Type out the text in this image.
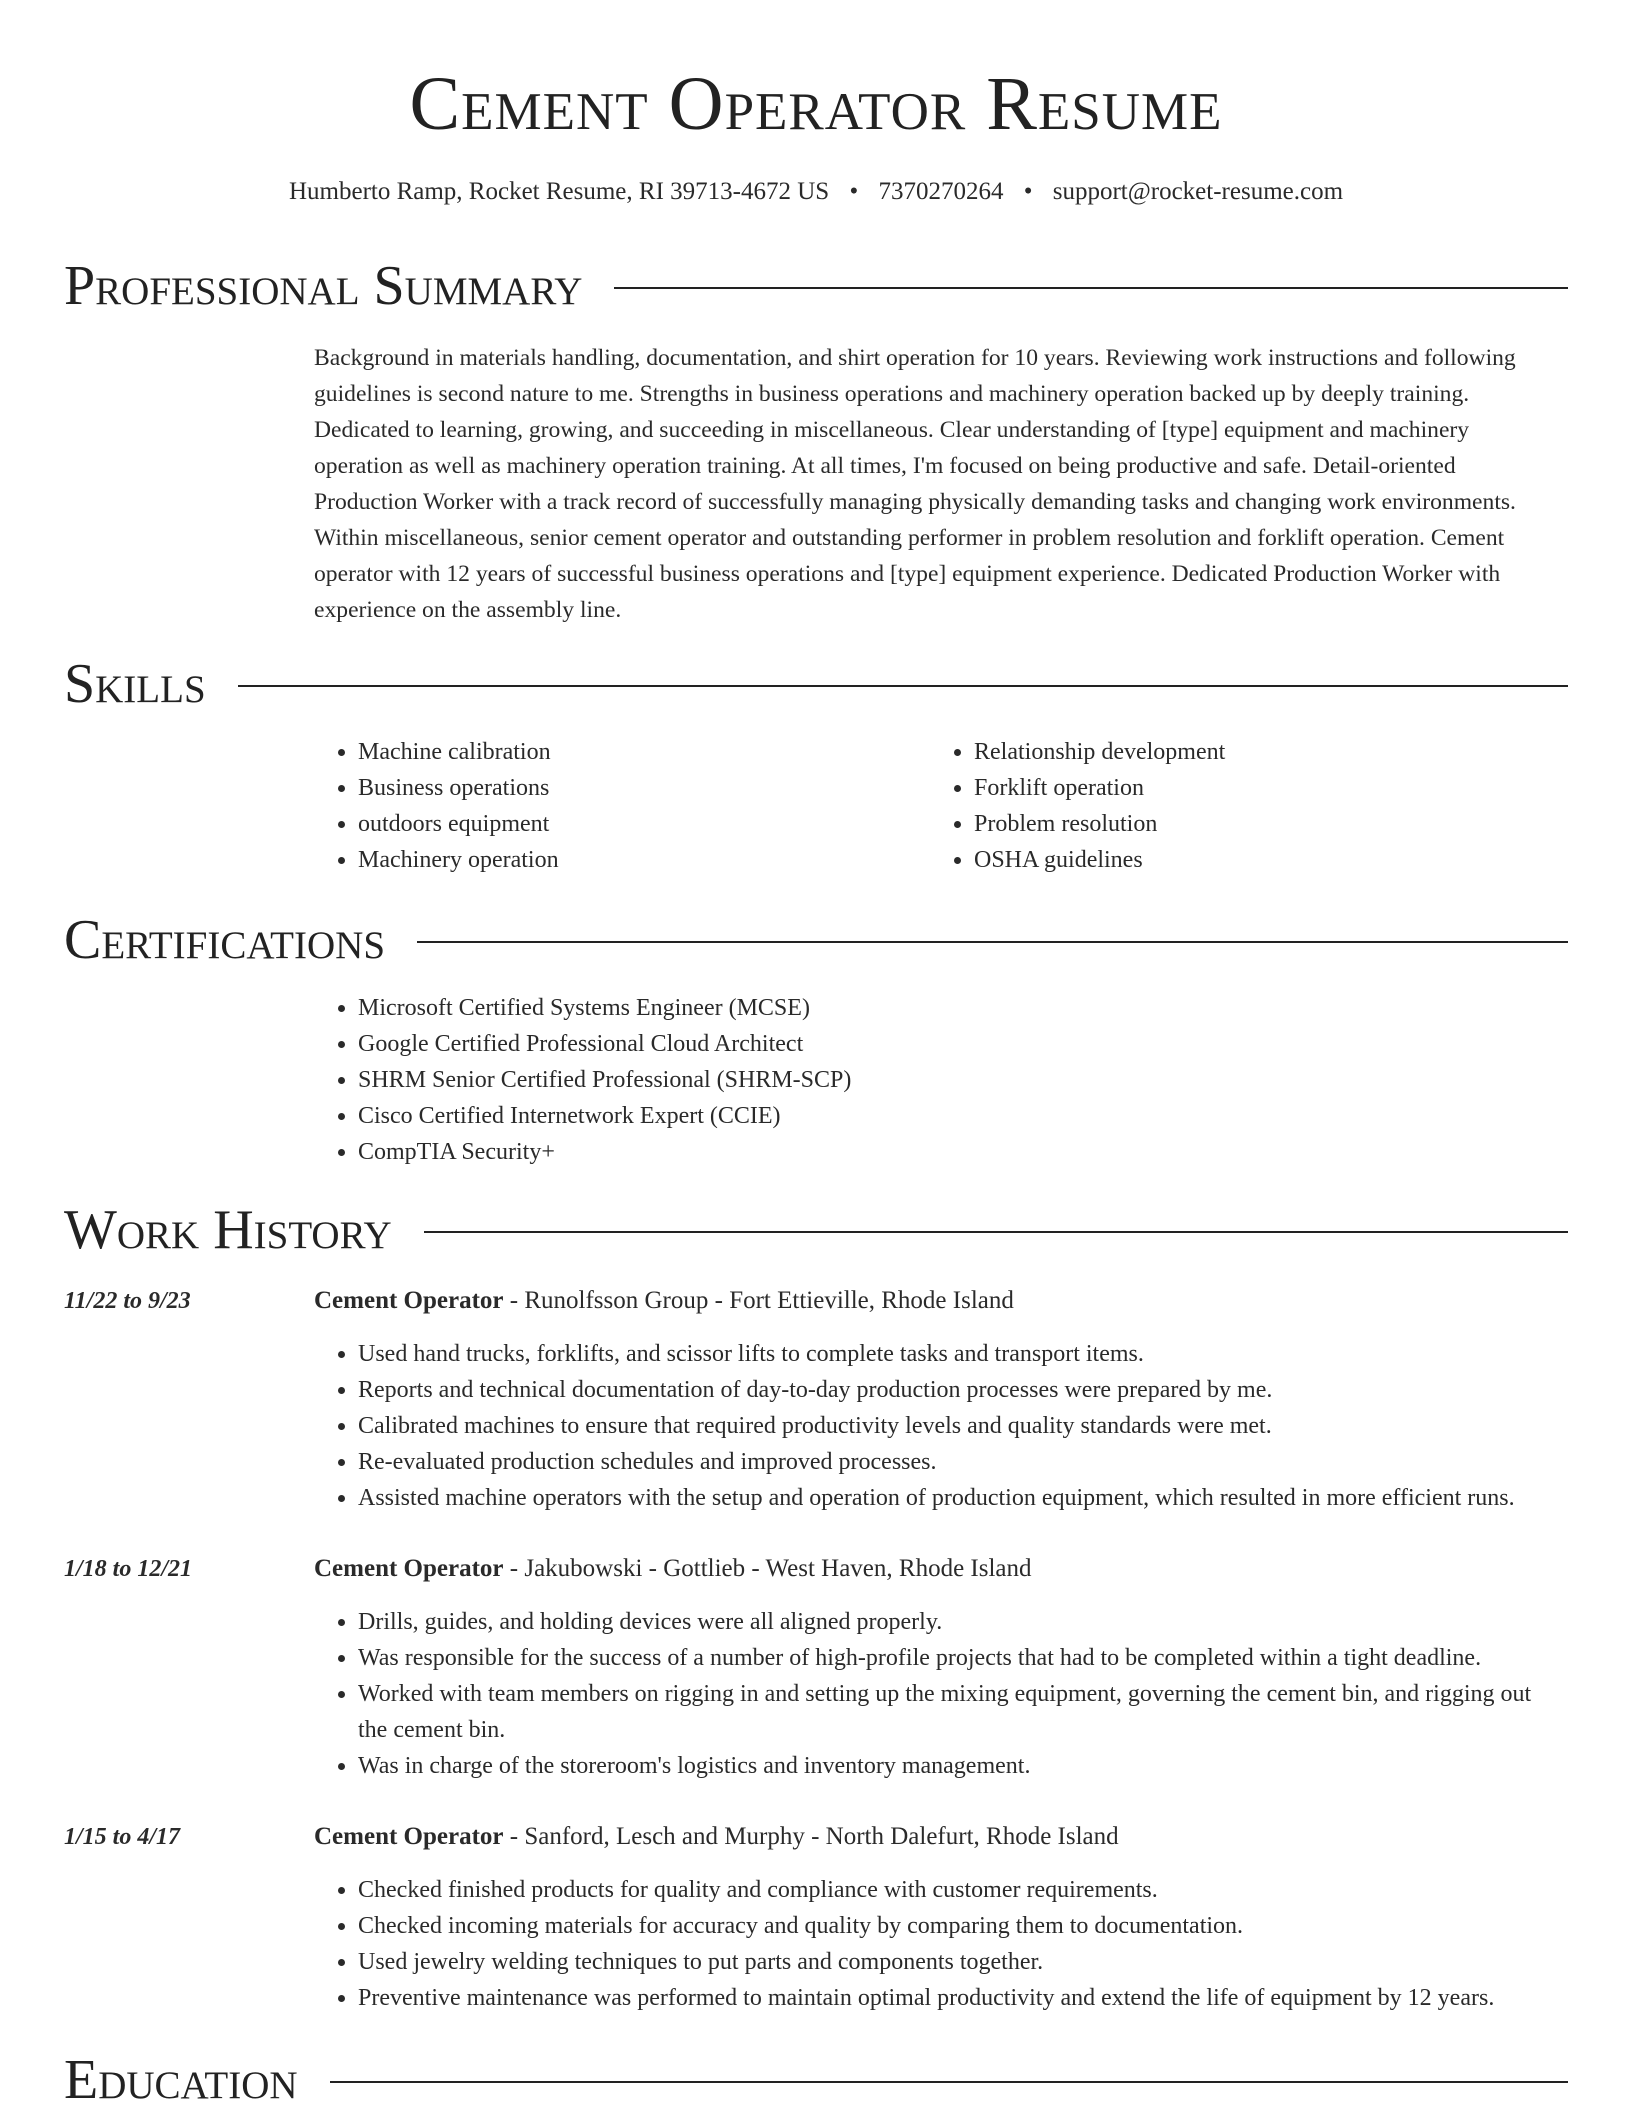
Cement Operator Resume
Humberto Ramp, Rocket Resume, RI 39713-4672 US • 7370270264 • support@rocket-resume.com
Professional Summary

Background in materials handling, documentation, and shirt operation for 10 years. Reviewing work instructions and following guidelines is second nature to me. Strengths in business operations and machinery operation backed up by deeply training. Dedicated to learning, growing, and succeeding in miscellaneous. Clear understanding of [type] equipment and machinery operation as well as machinery operation training. At all times, I'm focused on being productive and safe. Detail-oriented Production Worker with a track record of successfully managing physically demanding tasks and changing work environments. Within miscellaneous, senior cement operator and outstanding performer in problem resolution and forklift operation. Cement operator with 12 years of successful business operations and [type] equipment experience. Dedicated Production Worker with experience on the assembly line.

Skills
• Machine calibration
• Business operations
• outdoors equipment
• Machinery operation
• Relationship development
• Forklift operation
• Problem resolution
• OSHA guidelines
Certifications
• Microsoft Certified Systems Engineer (MCSE)
• Google Certified Professional Cloud Architect
• SHRM Senior Certified Professional (SHRM-SCP)
• Cisco Certified Internetwork Expert (CCIE)
• CompTIA Security+
Work History
11/22 to 9/23	Cement Operator - Runolfsson Group - Fort Ettieville, Rhode Island
• Used hand trucks, forklifts, and scissor lifts to complete tasks and transport items.
• Reports and technical documentation of day-to-day production processes were prepared by me.
• Calibrated machines to ensure that required productivity levels and quality standards were met.
• Re-evaluated production schedules and improved processes.
• Assisted machine operators with the setup and operation of production equipment, which resulted in more efficient runs.
1/18 to 12/21	Cement Operator - Jakubowski - Gottlieb - West Haven, Rhode Island
• Drills, guides, and holding devices were all aligned properly.
• Was responsible for the success of a number of high-profile projects that had to be completed within a tight deadline.
• Worked with team members on rigging in and setting up the mixing equipment, governing the cement bin, and rigging out the cement bin.
• Was in charge of the storeroom's logistics and inventory management.
1/15 to 4/17	Cement Operator - Sanford, Lesch and Murphy - North Dalefurt, Rhode Island
• Checked finished products for quality and compliance with customer requirements.
• Checked incoming materials for accuracy and quality by comparing them to documentation.
• Used jewelry welding techniques to put parts and components together.
• Preventive maintenance was performed to maintain optimal productivity and extend the life of equipment by 12 years.
Education
